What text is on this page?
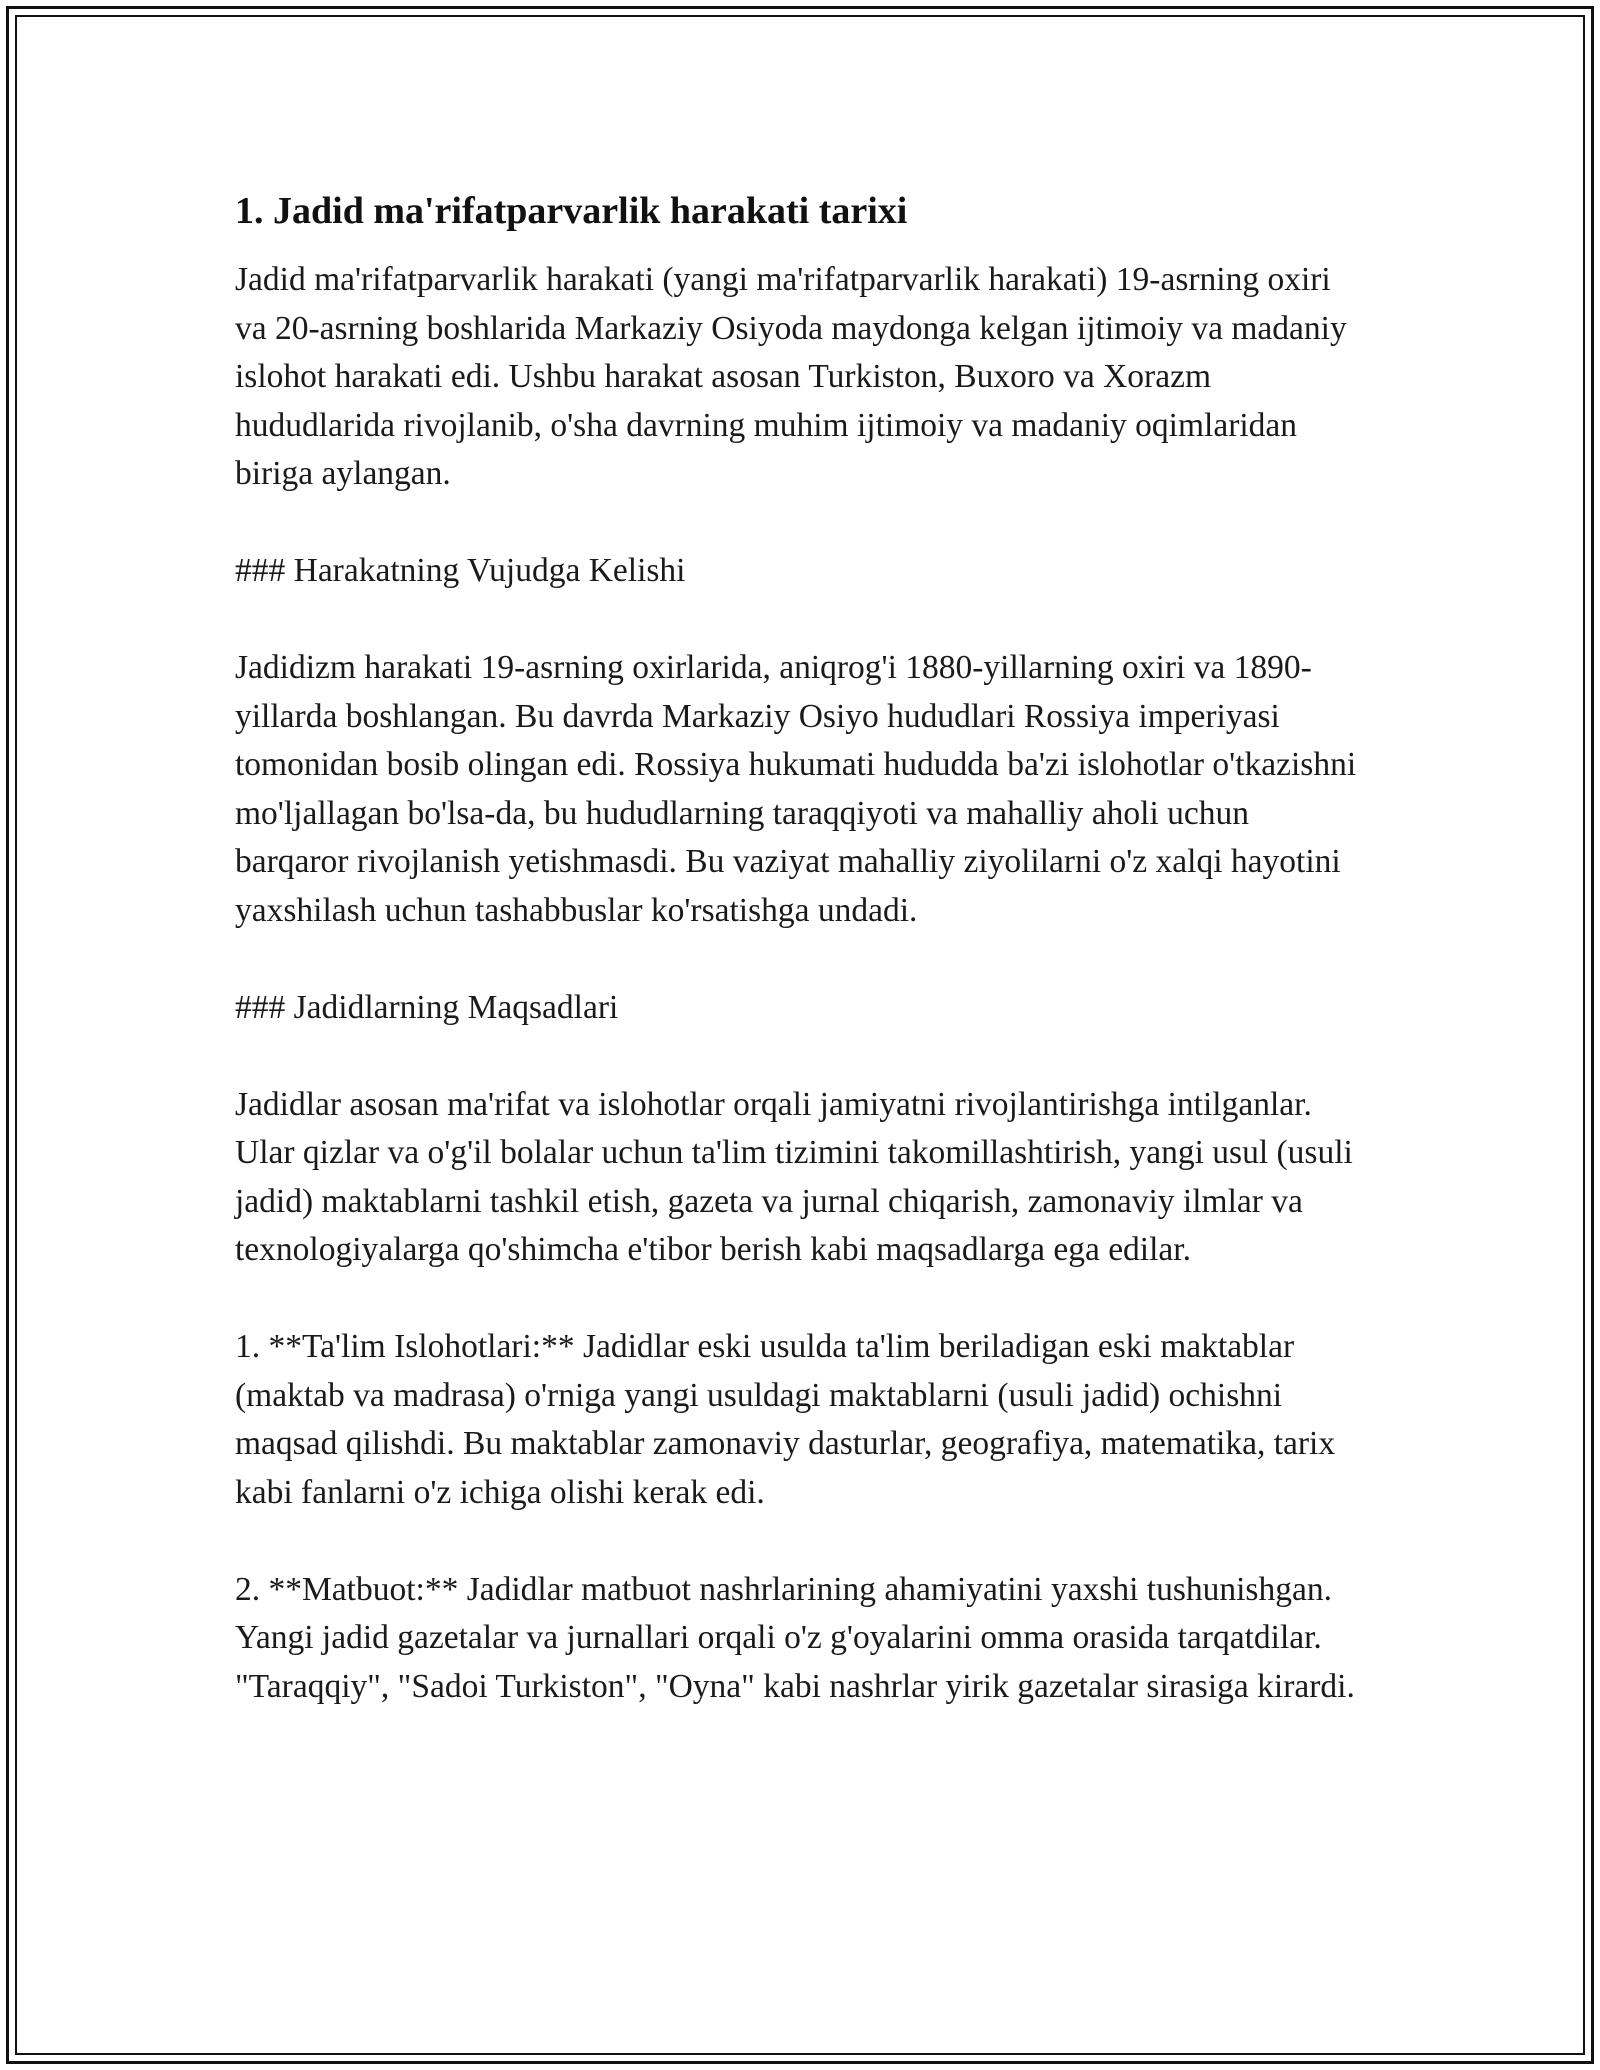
1. Jadid ma'rifatparvarlik harakati tarixi

Jadid ma'rifatparvarlik harakati (yangi ma'rifatparvarlik harakati) 19-asrning oxiri va 20-asrning boshlarida Markaziy Osiyoda maydonga kelgan ijtimoiy va madaniy islohot harakati edi. Ushbu harakat asosan Turkiston, Buxoro va Xorazm hududlarida rivojlanib, o'sha davrning muhim ijtimoiy va madaniy oqimlaridan biriga aylangan.

### Harakatning Vujudga Kelishi

Jadidizm harakati 19-asrning oxirlarida, aniqrog'i 1880-yillarning oxiri va 1890-yillarda boshlangan. Bu davrda Markaziy Osiyo hududlari Rossiya imperiyasi tomonidan bosib olingan edi. Rossiya hukumati hududda ba'zi islohotlar o'tkazishni mo'ljallagan bo'lsa-da, bu hududlarning taraqqiyoti va mahalliy aholi uchun barqaror rivojlanish yetishmasdi. Bu vaziyat mahalliy ziyolilarni o'z xalqi hayotini yaxshilash uchun tashabbuslar ko'rsatishga undadi.

### Jadidlarning Maqsadlari

Jadidlar asosan ma'rifat va islohotlar orqali jamiyatni rivojlantirishga intilganlar. Ular qizlar va o'g'il bolalar uchun ta'lim tizimini takomillashtirish, yangi usul (usuli jadid) maktablarni tashkil etish, gazeta va jurnal chiqarish, zamonaviy ilmlar va texnologiyalarga qo'shimcha e'tibor berish kabi maqsadlarga ega edilar.

1. **Ta'lim Islohotlari:** Jadidlar eski usulda ta'lim beriladigan eski maktablar (maktab va madrasa) o'rniga yangi usuldagi maktablarni (usuli jadid) ochishni maqsad qilishdi. Bu maktablar zamonaviy dasturlar, geografiya, matematika, tarix kabi fanlarni o'z ichiga olishi kerak edi.

2. **Matbuot:** Jadidlar matbuot nashrlarining ahamiyatini yaxshi tushunishgan. Yangi jadid gazetalar va jurnallari orqali o'z g'oyalarini omma orasida tarqatdilar. "Taraqqiy", "Sadoi Turkiston", "Oyna" kabi nashrlar yirik gazetalar sirasiga kirardi.
